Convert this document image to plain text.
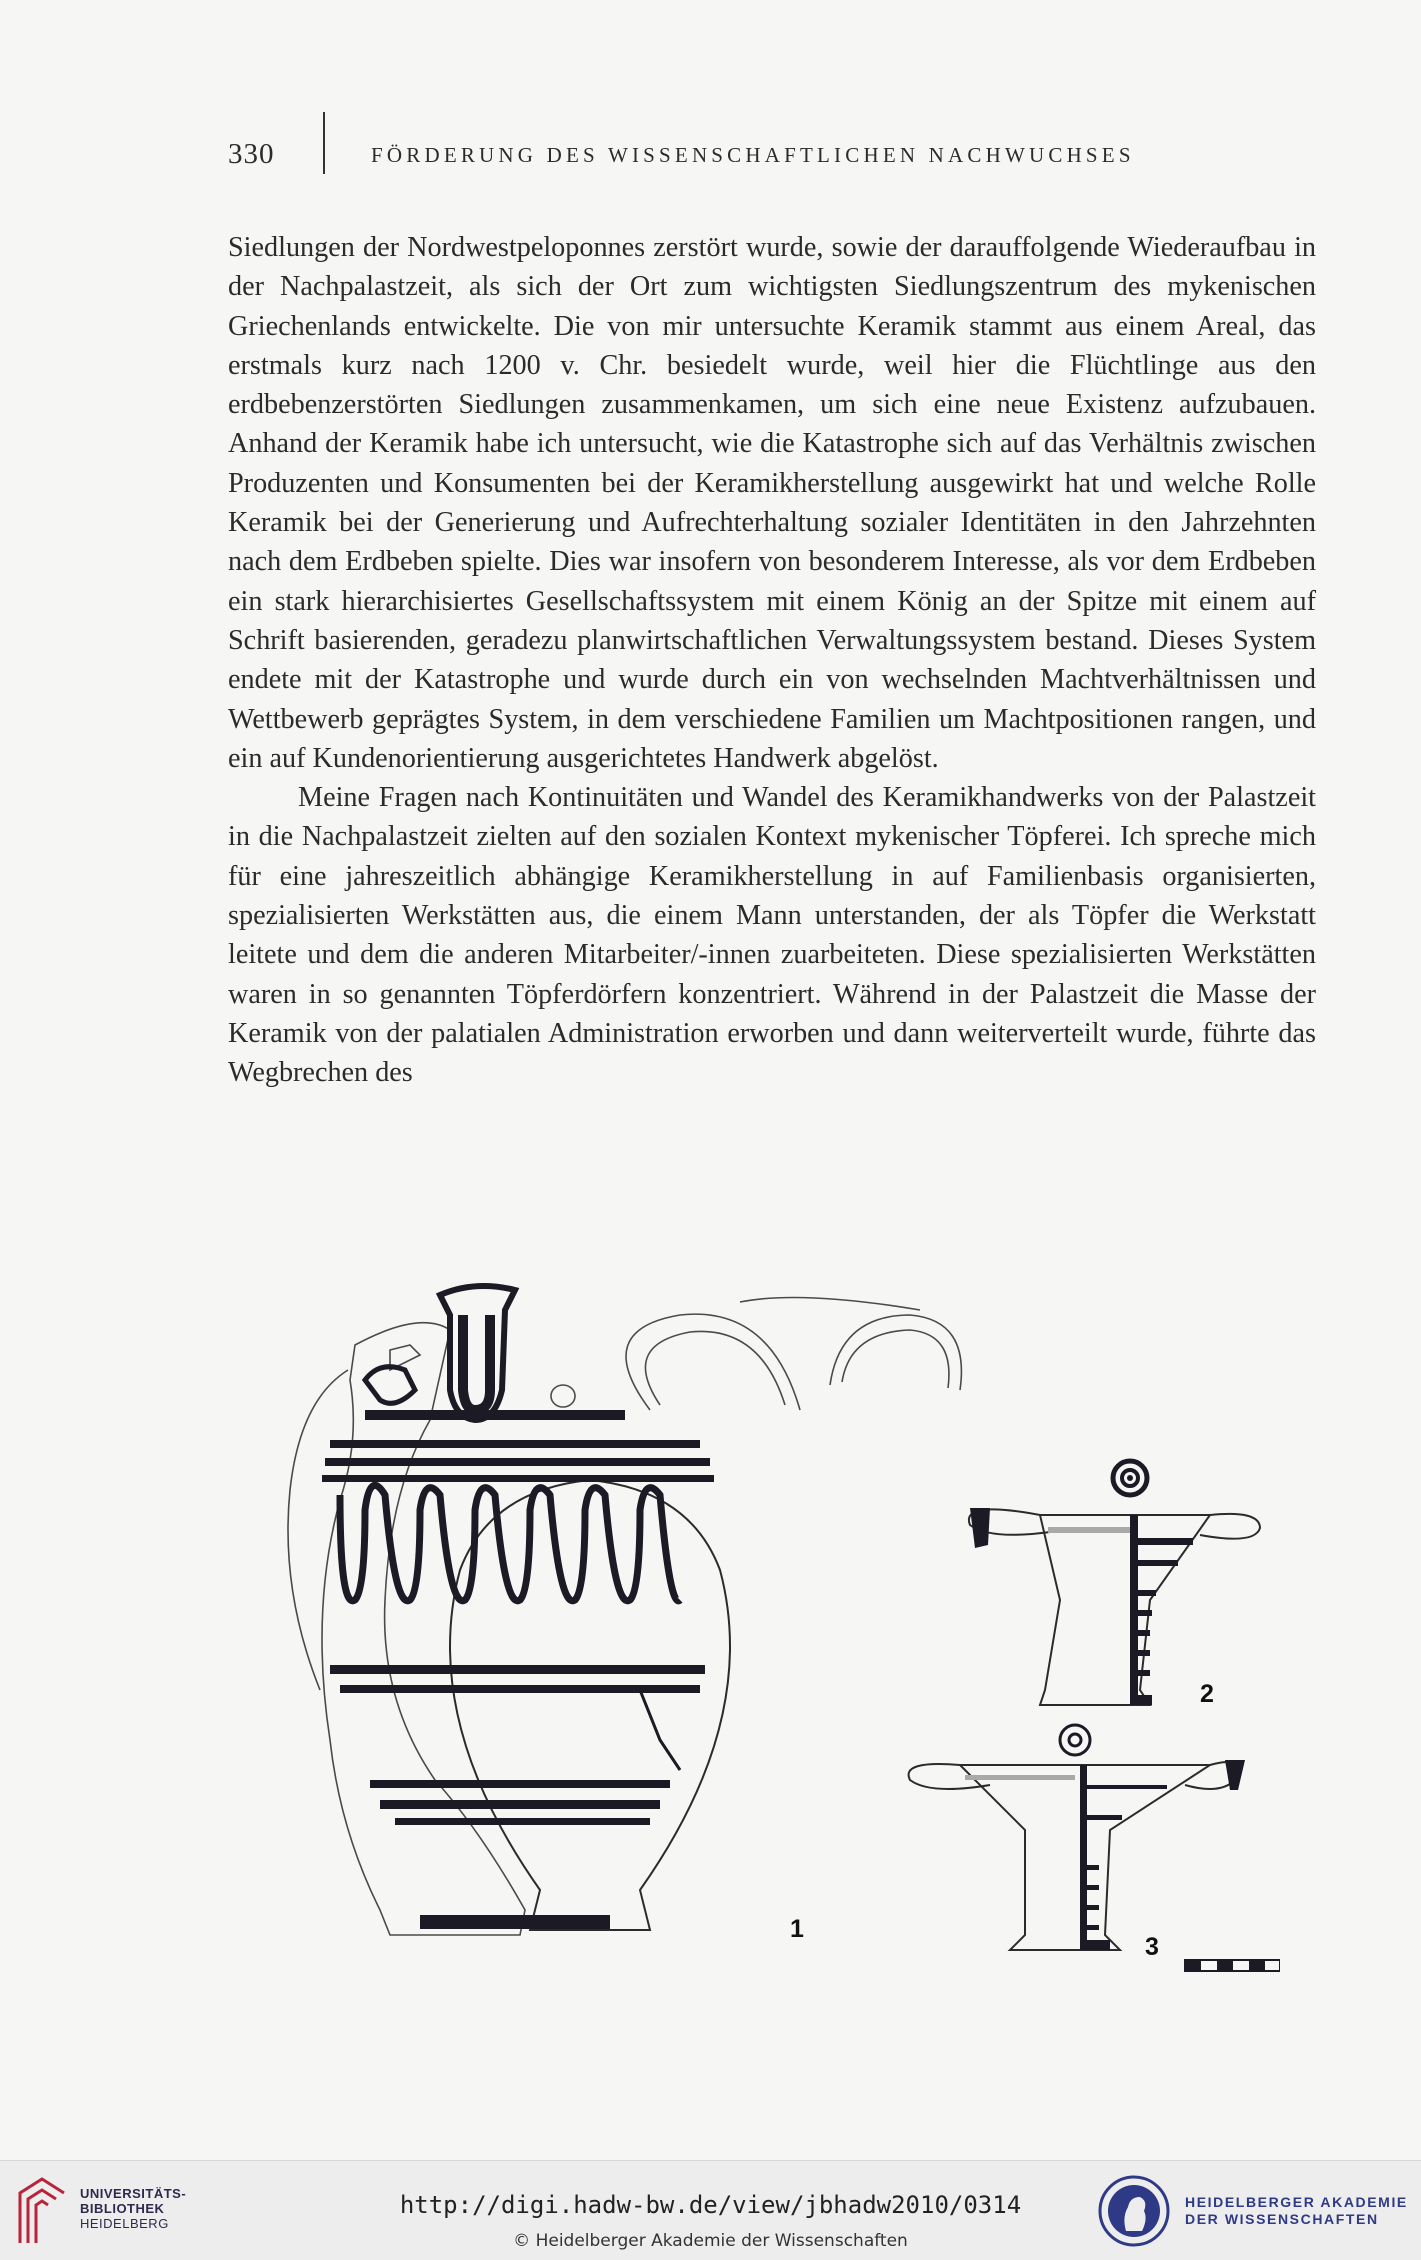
330	FÖRDERUNG DES WISSENSCHAFTLICHEN NACHWUCHSES

Siedlungen der Nordwestpeloponnes zerstört wurde, sowie der darauffolgende Wiederaufbau in der Nachpalastzeit, als sich der Ort zum wichtigsten Siedlungszentrum des mykenischen Griechenlands entwickelte. Die von mir untersuchte Keramik stammt aus einem Areal, das erstmals kurz nach 1200 v. Chr. besiedelt wurde, weil hier die Flüchtlinge aus den erdbebenzerstörten Siedlungen zusammenkamen, um sich eine neue Existenz aufzubauen. Anhand der Keramik habe ich untersucht, wie die Katastrophe sich auf das Verhältnis zwischen Produzenten und Konsumenten bei der Keramikherstellung ausgewirkt hat und welche Rolle Keramik bei der Generierung und Aufrechterhaltung sozialer Identitäten in den Jahrzehnten nach dem Erdbeben spielte. Dies war insofern von besonderem Interesse, als vor dem Erdbeben ein stark hierarchisiertes Gesellschaftssystem mit einem König an der Spitze mit einem auf Schrift basierenden, geradezu planwirtschaftlichen Verwaltungssystem bestand. Dieses System endete mit der Katastrophe und wurde durch ein von wechselnden Machtverhältnissen und Wettbewerb geprägtes System, in dem verschiedene Familien um Machtpositionen rangen, und ein auf Kundenorientierung ausgerichtetes Handwerk abgelöst.

Meine Fragen nach Kontinuitäten und Wandel des Keramikhandwerks von der Palastzeit in die Nachpalastzeit zielten auf den sozialen Kontext mykenischer Töpferei. Ich spreche mich für eine jahreszeitlich abhängige Keramikherstellung in auf Familienbasis organisierten, spezialisierten Werkstätten aus, die einem Mann unterstanden, der als Töpfer die Werkstatt leitete und dem die anderen Mitarbeiter/-innen zuarbeiteten. Diese spezialisierten Werkstätten waren in so genannten Töpferdörfern konzentriert. Während in der Palastzeit die Masse der Keramik von der palatialen Administration erworben und dann weiterverteilt wurde, führte das Wegbrechen des

1
2
3
UNIVERSITÄTS-
BIBLIOTHEK
HEIDELBERG
http://digi.hadw-bw.de/view/jbhadw2010/0314
© Heidelberger Akademie der Wissenschaften
HEIDELBERGER AKADEMIE
DER WISSENSCHAFTEN
